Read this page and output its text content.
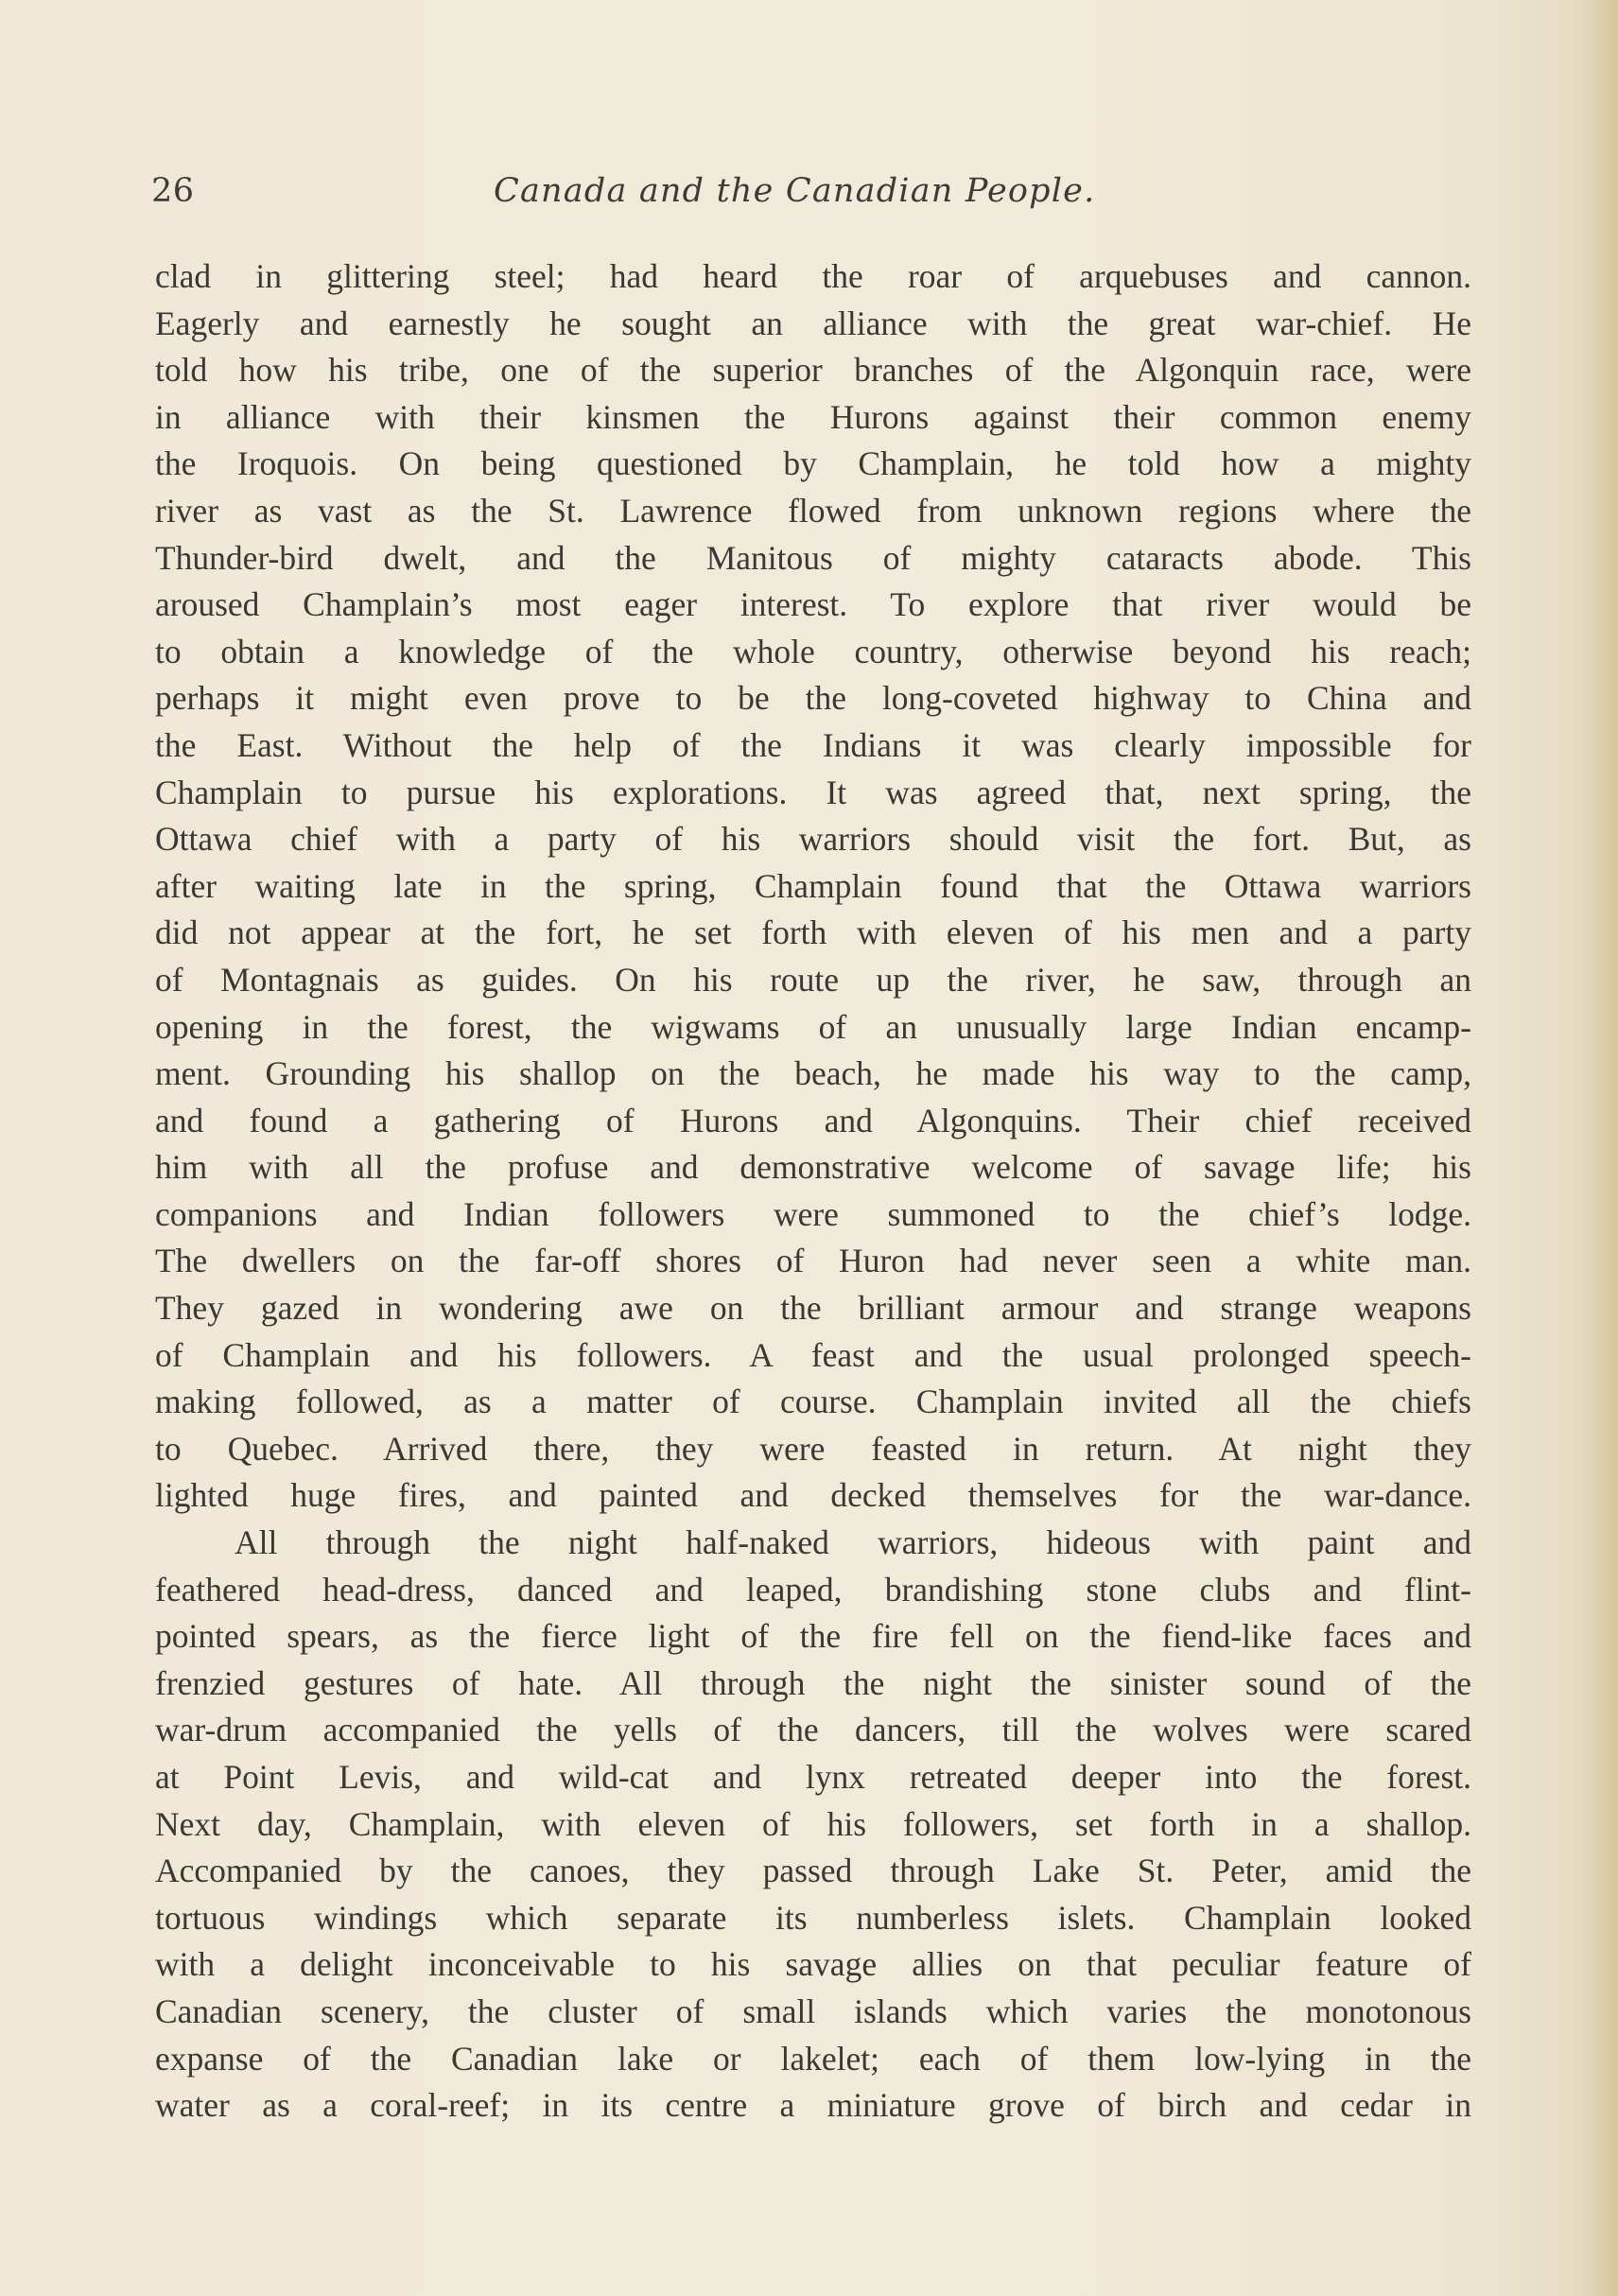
26	Canada and the Canadian People.
clad in glittering steel; had heard the roar of arquebuses and cannon.
Eagerly and earnestly he sought an alliance with the great war-chief. He
told how his tribe, one of the superior branches of the Algonquin race, were
in alliance with their kinsmen the Hurons against their common enemy
the Iroquois. On being questioned by Champlain, he told how a mighty
river as vast as the St. Lawrence flowed from unknown regions where the
Thunder-bird dwelt, and the Manitous of mighty cataracts abode. This
aroused Champlain’s most eager interest. To explore that river would be
to obtain a knowledge of the whole country, otherwise beyond his reach;
perhaps it might even prove to be the long-coveted highway to China and
the East. Without the help of the Indians it was clearly impossible for
Champlain to pursue his explorations. It was agreed that, next spring, the
Ottawa chief with a party of his warriors should visit the fort. But, as
after waiting late in the spring, Champlain found that the Ottawa warriors
did not appear at the fort, he set forth with eleven of his men and a party
of Montagnais as guides. On his route up the river, he saw, through an
opening in the forest, the wigwams of an unusually large Indian encamp-
ment. Grounding his shallop on the beach, he made his way to the camp,
and found a gathering of Hurons and Algonquins. Their chief received
him with all the profuse and demonstrative welcome of savage life; his
companions and Indian followers were summoned to the chief’s lodge.
The dwellers on the far-off shores of Huron had never seen a white man.
They gazed in wondering awe on the brilliant armour and strange weapons
of Champlain and his followers. A feast and the usual prolonged speech-
making followed, as a matter of course. Champlain invited all the chiefs
to Quebec. Arrived there, they were feasted in return. At night they
lighted huge fires, and painted and decked themselves for the war-dance.
All through the night half-naked warriors, hideous with paint and
feathered head-dress, danced and leaped, brandishing stone clubs and flint-
pointed spears, as the fierce light of the fire fell on the fiend-like faces and
frenzied gestures of hate. All through the night the sinister sound of the
war-drum accompanied the yells of the dancers, till the wolves were scared
at Point Levis, and wild-cat and lynx retreated deeper into the forest.
Next day, Champlain, with eleven of his followers, set forth in a shallop.
Accompanied by the canoes, they passed through Lake St. Peter, amid the
tortuous windings which separate its numberless islets. Champlain looked
with a delight inconceivable to his savage allies on that peculiar feature of
Canadian scenery, the cluster of small islands which varies the monotonous
expanse of the Canadian lake or lakelet; each of them low-lying in the
water as a coral-reef; in its centre a miniature grove of birch and cedar in
